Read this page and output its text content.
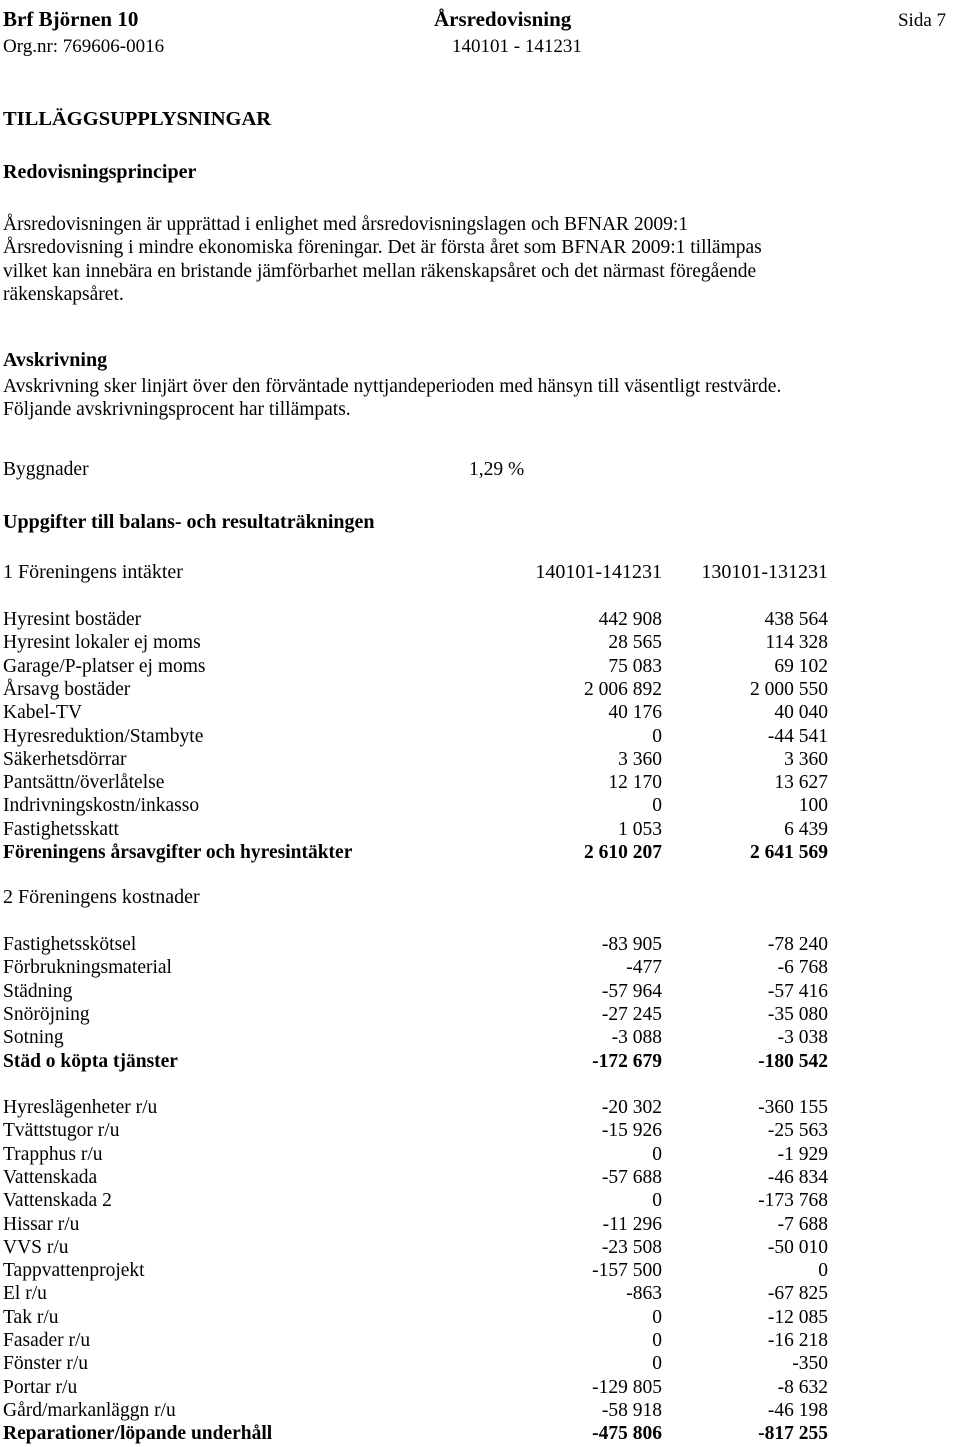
Brf Björnen 10	Årsredovisning	Sida 7
Org.nr: 769606-0016	140101 - 141231
TILLÄGGSUPPLYSNINGAR
Redovisningsprinciper
Årsredovisningen är upprättad i enlighet med årsredovisningslagen och BFNAR 2009:1
Årsredovisning i mindre ekonomiska föreningar. Det är första året som BFNAR 2009:1 tillämpas
vilket kan innebära en bristande jämförbarhet mellan räkenskapsåret och det närmast föregående
räkenskapsåret.
Avskrivning
Avskrivning sker linjärt över den förväntade nyttjandeperioden med hänsyn till väsentligt restvärde.
Följande avskrivningsprocent har tillämpats.
Byggnader	1,29 %
Uppgifter till balans- och resultaträkningen
1 Föreningens intäkter	140101-141231 130101-131231
Hyresint bostäder	442 908	438 564
Hyresint lokaler ej moms	28 565	114 328
Garage/P-platser ej moms	75 083	69 102
Årsavg bostäder	2 006 892	2 000 550
Kabel-TV	40 176	40 040
Hyresreduktion/Stambyte	0	-44 541
Säkerhetsdörrar	3 360	3 360
Pantsättn/överlåtelse	12 170	13 627
Indrivningskostn/inkasso	0	100
Fastighetsskatt	1 053	6 439
Föreningens årsavgifter och hyresintäkter	2 610 207	2 641 569
2 Föreningens kostnader
Fastighetsskötsel	-83 905	-78 240
Förbrukningsmaterial	-477	-6 768
Städning	-57 964	-57 416
Snöröjning	-27 245	-35 080
Sotning	-3 088	-3 038
Städ o köpta tjänster	-172 679	-180 542
Hyreslägenheter r/u	-20 302	-360 155
Tvättstugor r/u	-15 926	-25 563
Trapphus r/u	0	-1 929
Vattenskada	-57 688	-46 834
Vattenskada 2	0	-173 768
Hissar r/u	-11 296	-7 688
VVS r/u	-23 508	-50 010
Tappvattenprojekt	-157 500	0
El r/u	-863	-67 825
Tak r/u	0	-12 085
Fasader r/u	0	-16 218
Fönster r/u	0	-350
Portar r/u	-129 805	-8 632
Gård/markanläggn r/u	-58 918	-46 198
Reparationer/löpande underhåll	-475 806	-817 255
